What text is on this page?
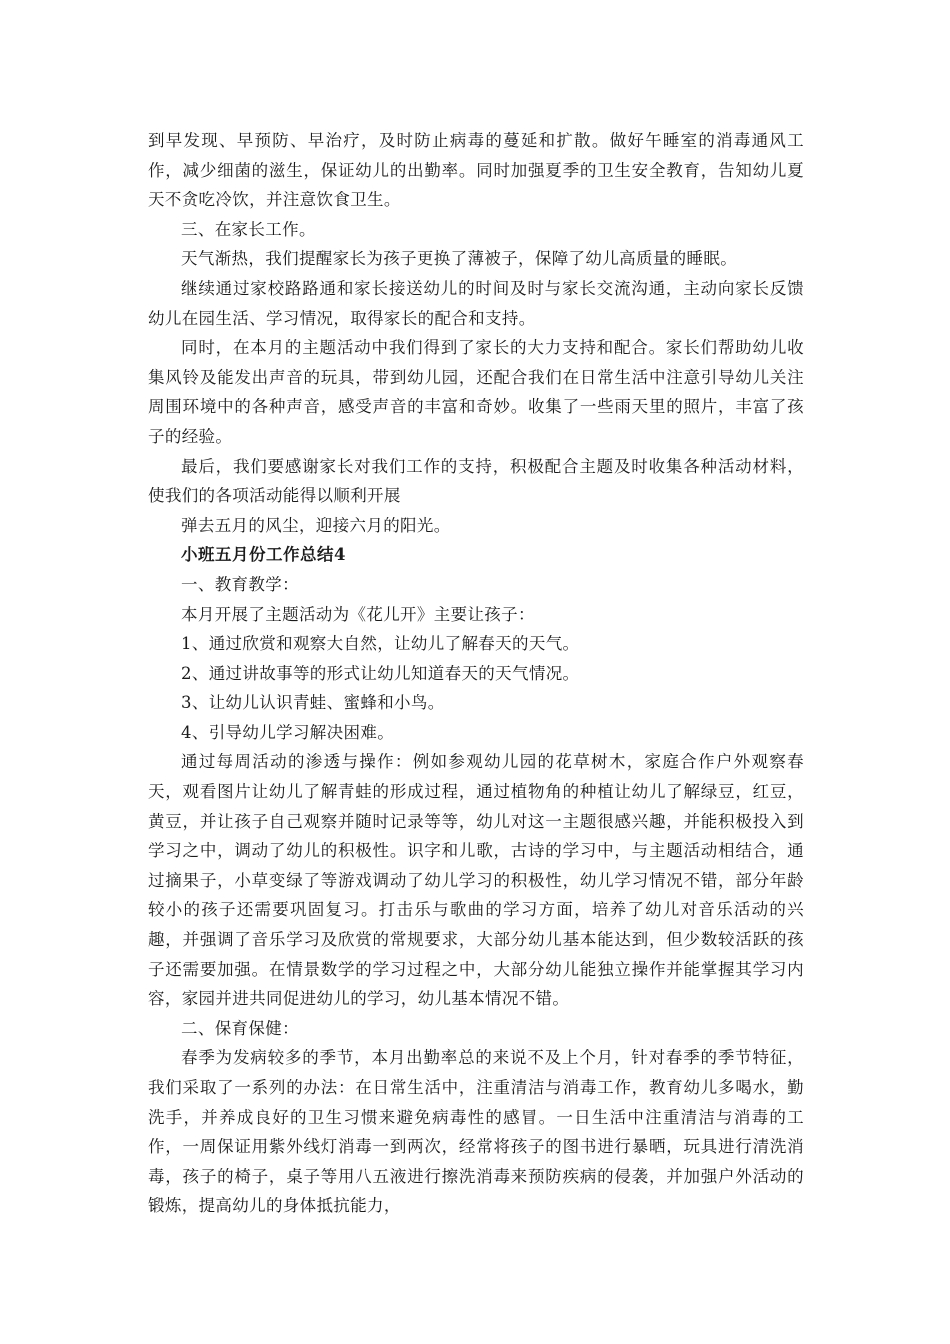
到早发现、早预防、早治疗，及时防止病毒的蔓延和扩散。做好午睡室的消毒通风工作，减少细菌的滋生，保证幼儿的出勤率。同时加强夏季的卫生安全教育，告知幼儿夏天不贪吃冷饮，并注意饮食卫生。

三、在家长工作。

天气渐热，我们提醒家长为孩子更换了薄被子，保障了幼儿高质量的睡眠。

继续通过家校路路通和家长接送幼儿的时间及时与家长交流沟通，主动向家长反馈幼儿在园生活、学习情况，取得家长的配合和支持。

同时，在本月的主题活动中我们得到了家长的大力支持和配合。家长们帮助幼儿收集风铃及能发出声音的玩具，带到幼儿园，还配合我们在日常生活中注意引导幼儿关注周围环境中的各种声音，感受声音的丰富和奇妙。收集了一些雨天里的照片，丰富了孩子的经验。

最后，我们要感谢家长对我们工作的支持，积极配合主题及时收集各种活动材料，使我们的各项活动能得以顺利开展

弹去五月的风尘，迎接六月的阳光。

小班五月份工作总结4

一、教育教学：

本月开展了主题活动为《花儿开》主要让孩子：

1、通过欣赏和观察大自然，让幼儿了解春天的天气。

2、通过讲故事等的形式让幼儿知道春天的天气情况。

3、让幼儿认识青蛙、蜜蜂和小鸟。

4、引导幼儿学习解决困难。

通过每周活动的渗透与操作：例如参观幼儿园的花草树木，家庭合作户外观察春天，观看图片让幼儿了解青蛙的形成过程，通过植物角的种植让幼儿了解绿豆，红豆，黄豆，并让孩子自己观察并随时记录等等，幼儿对这一主题很感兴趣，并能积极投入到学习之中，调动了幼儿的积极性。识字和儿歌，古诗的学习中，与主题活动相结合，通过摘果子，小草变绿了等游戏调动了幼儿学习的积极性，幼儿学习情况不错，部分年龄较小的孩子还需要巩固复习。打击乐与歌曲的学习方面，培养了幼儿对音乐活动的兴趣，并强调了音乐学习及欣赏的常规要求，大部分幼儿基本能达到，但少数较活跃的孩子还需要加强。在情景数学的学习过程之中，大部分幼儿能独立操作并能掌握其学习内容，家园并进共同促进幼儿的学习，幼儿基本情况不错。

二、保育保健：

春季为发病较多的季节，本月出勤率总的来说不及上个月，针对春季的季节特征，我们采取了一系列的办法：在日常生活中，注重清洁与消毒工作，教育幼儿多喝水，勤洗手，并养成良好的卫生习惯来避免病毒性的感冒。一日生活中注重清洁与消毒的工作，一周保证用紫外线灯消毒一到两次，经常将孩子的图书进行暴晒，玩具进行清洗消毒，孩子的椅子，桌子等用八五液进行擦洗消毒来预防疾病的侵袭，并加强户外活动的锻炼，提高幼儿的身体抵抗能力，
